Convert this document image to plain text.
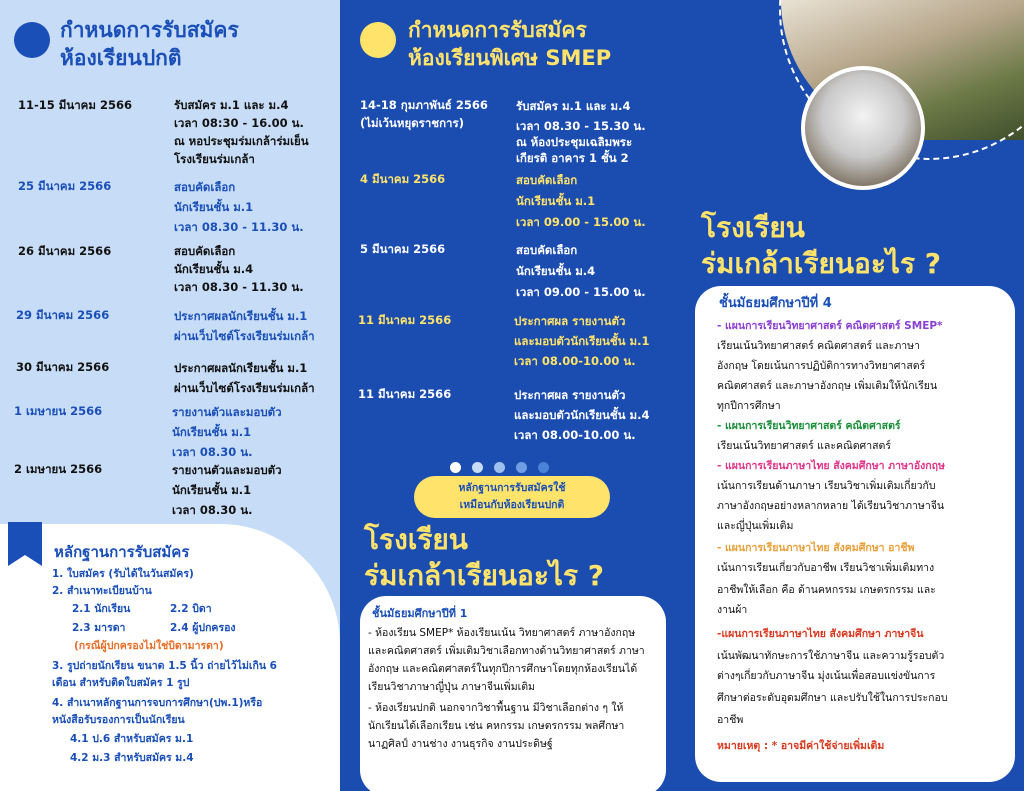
กำหนดการรับสมัคร
ห้องเรียนปกติ
11-15 มีนาคม 2566	รับสมัคร ม.1 และ ม.4
เวลา 08:30 - 16.00 น.
ณ หอประชุมร่มเกล้าร่มเย็น
โรงเรียนร่มเกล้า
25 มีนาคม 2566	สอบคัดเลือก
นักเรียนชั้น ม.1
เวลา 08.30 - 11.30 น.
26 มีนาคม 2566	สอบคัดเลือก
นักเรียนชั้น ม.4
เวลา 08.30 - 11.30 น.
29 มีนาคม 2566	ประกาศผลนักเรียนชั้น ม.1
ผ่านเว็บไซต์โรงเรียนร่มเกล้า
30 มีนาคม 2566	ประกาศผลนักเรียนชั้น ม.1
ผ่านเว็บไซต์โรงเรียนร่มเกล้า
1 เมษายน 2566	รายงานตัวและมอบตัว
นักเรียนชั้น ม.1
เวลา 08.30 น.
2 เมษายน 2566	รายงานตัวและมอบตัว
นักเรียนชั้น ม.1
เวลา 08.30 น.
หลักฐานการรับสมัคร
1. ใบสมัคร (รับได้ในวันสมัคร)
2. สำเนาทะเบียนบ้าน
2.1 นักเรียน	2.2 บิดา
2.3 มารดา	2.4 ผู้ปกครอง
(กรณีผู้ปกครองไม่ใช่บิดามารดา)
3. รูปถ่ายนักเรียน ขนาด 1.5 นิ้ว ถ่ายไว้ไม่เกิน 6
เดือน สำหรับติดใบสมัคร 1 รูป
4. สำเนาหลักฐานการจบการศึกษา(ปพ.1)หรือ
หนังสือรับรองการเป็นนักเรียน
4.1 ป.6 สำหรับสมัคร ม.1
4.2 ม.3 สำหรับสมัคร ม.4
กำหนดการรับสมัคร
ห้องเรียนพิเศษ SMEP
14-18 กุมภาพันธ์ 2566
(ไม่เว้นหยุดราชการ)
รับสมัคร ม.1 และ ม.4
เวลา 08.30 - 15.30 น.
ณ ห้องประชุมเฉลิมพระ
เกียรติ อาคาร 1 ชั้น 2
4 มีนาคม 2566	สอบคัดเลือก
นักเรียนชั้น ม.1
เวลา 09.00 - 15.00 น.
5 มีนาคม 2566	สอบคัดเลือก
นักเรียนชั้น ม.4
เวลา 09.00 - 15.00 น.
11 มีนาคม 2566	ประกาศผล รายงานตัว
และมอบตัวนักเรียนชั้น ม.1
เวลา 08.00-10.00 น.
11 มีนาคม 2566	ประกาศผล รายงานตัว
และมอบตัวนักเรียนชั้น ม.4
เวลา 08.00-10.00 น.

หลักฐานการรับสมัครใช้
เหมือนกับห้องเรียนปกติ
โรงเรียน
ร่มเกล้าเรียนอะไร ?
ชั้นมัธยมศึกษาปีที่ 1
- ห้องเรียน SMEP* ห้องเรียนเน้น วิทยาศาสตร์ ภาษาอังกฤษ
และคณิตศาสตร์ เพิ่มเติมวิชาเลือกทางด้านวิทยาศาสตร์ ภาษา
อังกฤษ และคณิตศาสตร์ในทุกปีการศึกษาโดยทุกห้องเรียนได้
เรียนวิชาภาษาญี่ปุ่น ภาษาจีนเพิ่มเติม
- ห้องเรียนปกติ นอกจากวิชาพื้นฐาน มีวิชาเลือกต่าง ๆ ให้
นักเรียนได้เลือกเรียน เช่น คหกรรม เกษตรกรรม พลศึกษา
นาฏศิลป์ งานช่าง งานธุรกิจ งานประดิษฐ์
โรงเรียน
ร่มเกล้าเรียนอะไร ?
ชั้นมัธยมศึกษาปีที่ 4
- แผนการเรียนวิทยาศาสตร์ คณิตศาสตร์ SMEP*
เรียนเน้นวิทยาศาสตร์ คณิตศาสตร์ และภาษา
อังกฤษ โดยเน้นการปฏิบัติการทางวิทยาศาสตร์
คณิตศาสตร์ และภาษาอังกฤษ เพิ่มเติมให้นักเรียน
ทุกปีการศึกษา
- แผนการเรียนวิทยาศาสตร์ คณิตศาสตร์
เรียนเน้นวิทยาศาสตร์ และคณิตศาสตร์
- แผนการเรียนภาษาไทย สังคมศึกษา ภาษาอังกฤษ
เน้นการเรียนด้านภาษา เรียนวิชาเพิ่มเติมเกี่ยวกับ
ภาษาอังกฤษอย่างหลากหลาย ได้เรียนวิชาภาษาจีน
และญี่ปุ่นเพิ่มเติม
- แผนการเรียนภาษาไทย สังคมศึกษา อาชีพ
เน้นการเรียนเกี่ยวกับอาชีพ เรียนวิชาเพิ่มเติมทาง
อาชีพให้เลือก คือ ด้านคหกรรม เกษตรกรรม และ
งานผ้า
-แผนการเรียนภาษาไทย สังคมศึกษา ภาษาจีน
เน้นพัฒนาทักษะการใช้ภาษาจีน และความรู้รอบตัว
ต่างๆเกี่ยวกับภาษาจีน มุ่งเน้นเพื่อสอบแข่งขันการ
ศึกษาต่อระดับอุดมศึกษา และปรับใช้ในการประกอบ
อาชีพ
หมายเหตุ : * อาจมีค่าใช้จ่ายเพิ่มเติม
